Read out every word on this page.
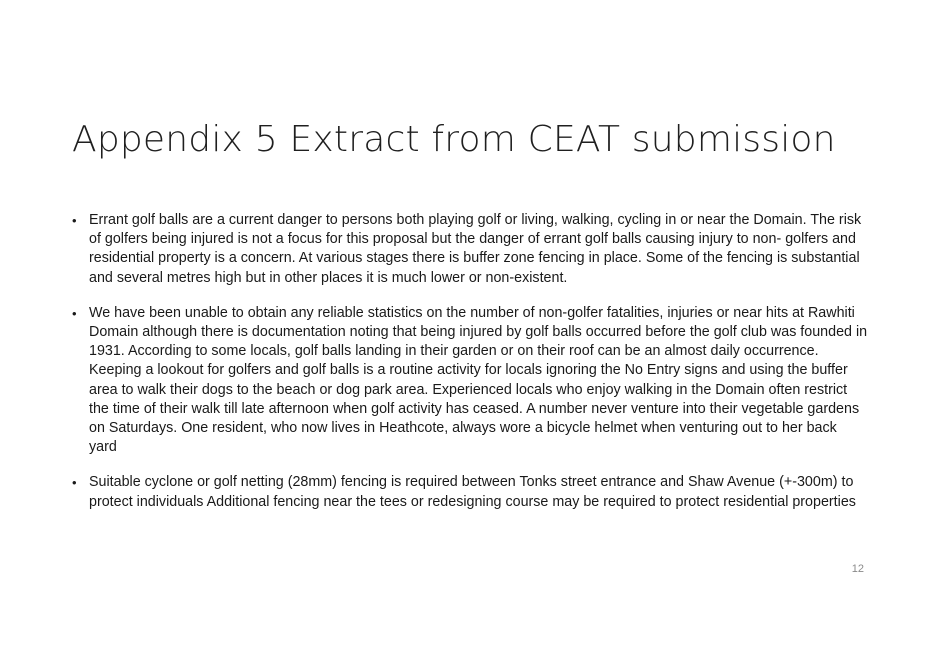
Appendix 5 Extract from CEAT submission
• Errant golf balls are a current danger to persons both playing golf or living, walking, cycling in or near the Domain. The risk of golfers being injured is not a focus for this proposal but the danger of errant golf balls causing injury to non- golfers and residential property is a concern. At various stages there is buffer zone fencing in place. Some of the fencing is substantial and several metres high but in other places it is much lower or non-existent.
• We have been unable to obtain any reliable statistics on the number of non-golfer fatalities, injuries or near hits at Rawhiti Domain although there is documentation noting that being injured by golf balls occurred before the golf club was founded in 1931. According to some locals, golf balls landing in their garden or on their roof can be an almost daily occurrence. Keeping a lookout for golfers and golf balls is a routine activity for locals ignoring the No Entry signs and using the buffer area to walk their dogs to the beach or dog park area. Experienced locals who enjoy walking in the Domain often restrict the time of their walk till late afternoon when golf activity has ceased. A number never venture into their vegetable gardens on Saturdays. One resident, who now lives in Heathcote, always wore a bicycle helmet when venturing out to her back yard
• Suitable cyclone or golf netting (28mm) fencing is required between Tonks street entrance and Shaw Avenue (+-300m) to protect individuals Additional fencing near the tees or redesigning course may be required to protect residential properties
12
